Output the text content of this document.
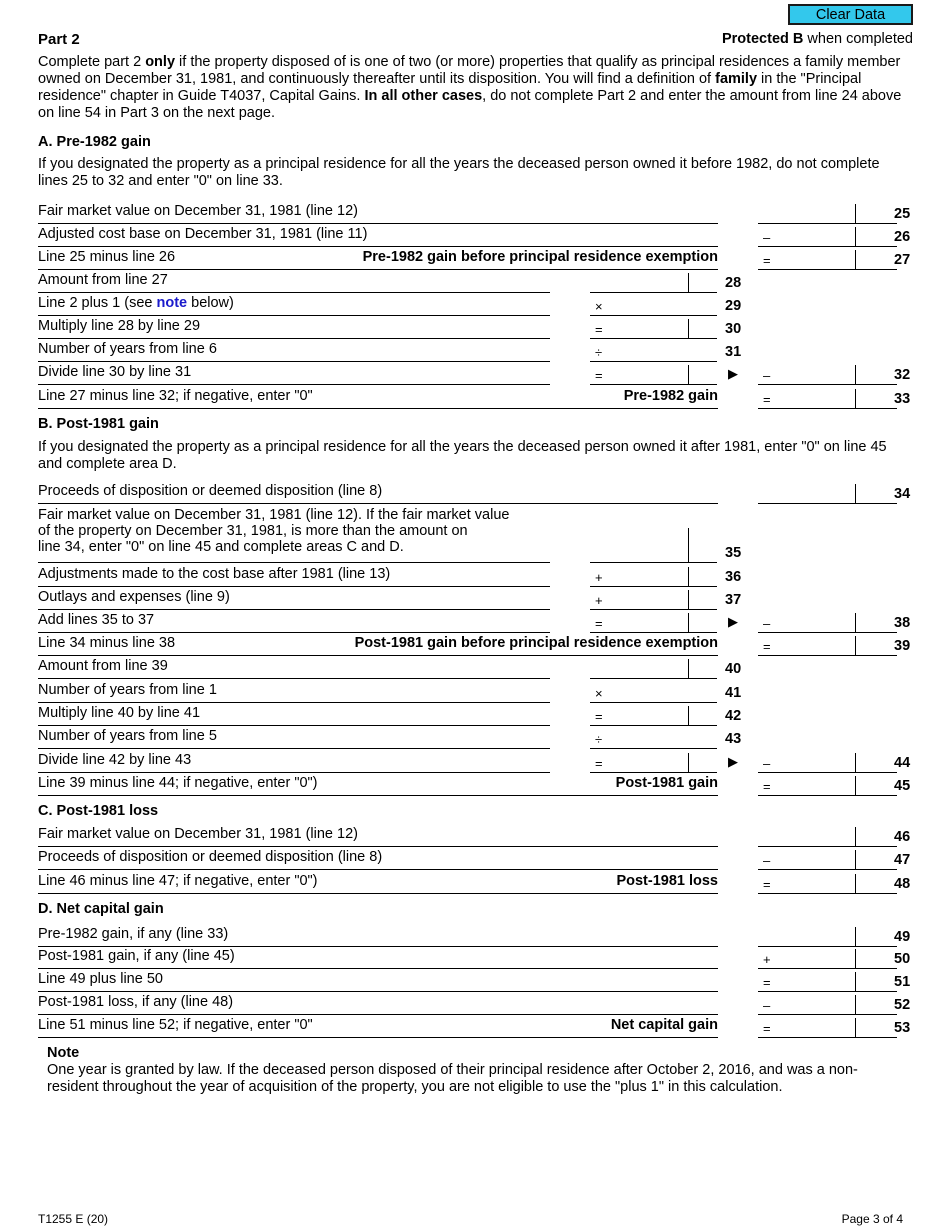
Clear Data
Part 2	Protected B when completed

Complete part 2 only if the property disposed of is one of two (or more) properties that qualify as principal residences a family member owned on December 31, 1981, and continuously thereafter until its disposition. You will find a definition of family in the "Principal residence" chapter in Guide T4037, Capital Gains. In all other cases, do not complete Part 2 and enter the amount from line 24 above on line 54 in Part 3 on the next page.

A. Pre-1982 gain

If you designated the property as a principal residence for all the years the deceased person owned it before 1982, do not complete lines 25 to 32 and enter "0" on line 33.

Fair market value on December 31, 1981 (line 12)	25
Adjusted cost base on December 31, 1981 (line 11)	–	26
Line 25 minus line 26	Pre-1982 gain before principal residence exemption	=	27
Amount from line 27	28
Line 2 plus 1 (see note below)	×	29
Multiply line 28 by line 29	=	30
Number of years from line 6	÷	31
Divide line 30 by line 31	=	▶ –	32
Line 27 minus line 32; if negative, enter "0"	Pre-1982 gain	=	33
B. Post-1981 gain

If you designated the property as a principal residence for all the years the deceased person owned it after 1981, enter "0" on line 45 and complete area D.

Proceeds of disposition or deemed disposition (line 8)	34
Fair market value on December 31, 1981 (line 12). If the fair market value
of the property on December 31, 1981, is more than the amount on
line 34, enter "0" on line 45 and complete areas C and D.	35
Adjustments made to the cost base after 1981 (line 13)	+	36
Outlays and expenses (line 9)	+	37
Add lines 35 to 37	=	▶ –	38
Line 34 minus line 38	Post-1981 gain before principal residence exemption	=	39
Amount from line 39	40
Number of years from line 1	×	41
Multiply line 40 by line 41	=	42
Number of years from line 5	÷	43
Divide line 42 by line 43	=	▶ –	44
Line 39 minus line 44; if negative, enter "0")	Post-1981 gain	=	45
C. Post-1981 loss
Fair market value on December 31, 1981 (line 12)	46
Proceeds of disposition or deemed disposition (line 8)	–	47
Line 46 minus line 47; if negative, enter "0")	Post-1981 loss	=	48
D. Net capital gain
Pre-1982 gain, if any (line 33)	49
Post-1981 gain, if any (line 45)	+	50
Line 49 plus line 50	=	51
Post-1981 loss, if any (line 48)	–	52
Line 51 minus line 52; if negative, enter "0"	Net capital gain	=	53
Note

One year is granted by law. If the deceased person disposed of their principal residence after October 2, 2016, and was a non-resident throughout the year of acquisition of the property, you are not eligible to use the "plus 1" in this calculation.

T1255 E (20)	Page 3 of 4
